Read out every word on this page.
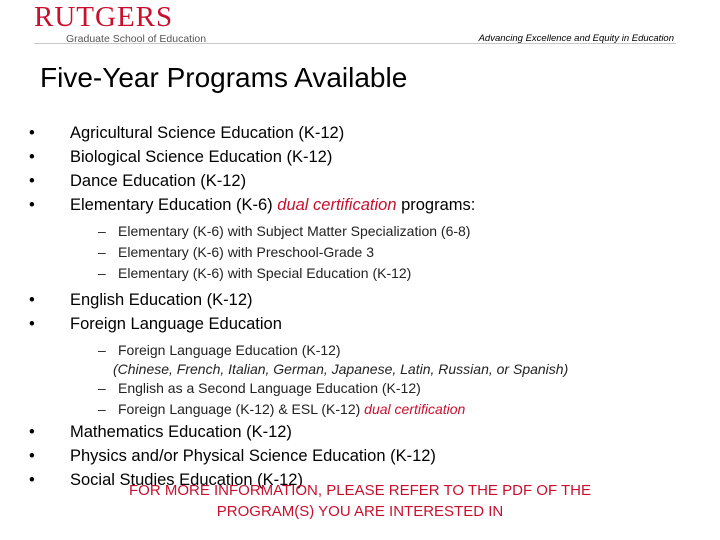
RUTGERS
Graduate School of Education	Advancing Excellence and Equity in Education
Five-Year Programs Available
• Agricultural Science Education (K-12)
• Biological Science Education (K-12)
• Dance Education (K-12)
• Elementary Education (K-6) dual certification programs:
– Elementary (K-6) with Subject Matter Specialization (6-8)
– Elementary (K-6) with Preschool-Grade 3
– Elementary (K-6) with Special Education (K-12)
• English Education (K-12)
• Foreign Language Education
– Foreign Language Education (K-12)
(Chinese, French, Italian, German, Japanese, Latin, Russian, or Spanish)
– English as a Second Language Education (K-12)
– Foreign Language (K-12) & ESL (K-12) dual certification
• Mathematics Education (K-12)
• Physics and/or Physical Science Education (K-12)
• Social Studies Education (K-12)
FOR MORE INFORMATION, PLEASE REFER TO THE PDF OF THE
PROGRAM(S) YOU ARE INTERESTED IN
